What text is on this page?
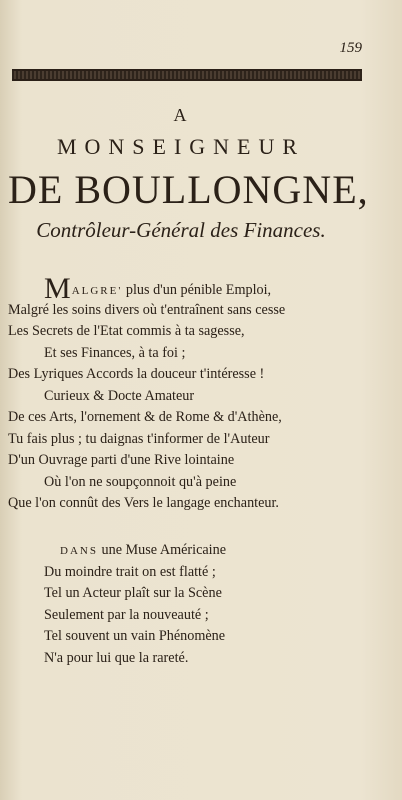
159
A
MONSEIGNEUR
DE BOULLONGNE,
Contrôleur-Général des Finances.
MALGRE' plus d'un pénible Emploi,
Malgré les soins divers où t'entraînent sans cesse
Les Secrets de l'Etat commis à ta sagesse,
Et ses Finances, à ta foi ;
Des Lyriques Accords la douceur t'intéresse !
Curieux & Docte Amateur
De ces Arts, l'ornement & de Rome & d'Athène,
Tu fais plus ; tu daignas t'informer de l'Auteur
D'un Ouvrage parti d'une Rive lointaine
Où l'on ne soupçonnoit qu'à peine
Que l'on connût des Vers le langage enchanteur.
DANS une Muse Américaine
Du moindre trait on est flatté ;
Tel un Acteur plaît sur la Scène
Seulement par la nouveauté ;
Tel souvent un vain Phénomène
N'a pour lui que la rareté.
